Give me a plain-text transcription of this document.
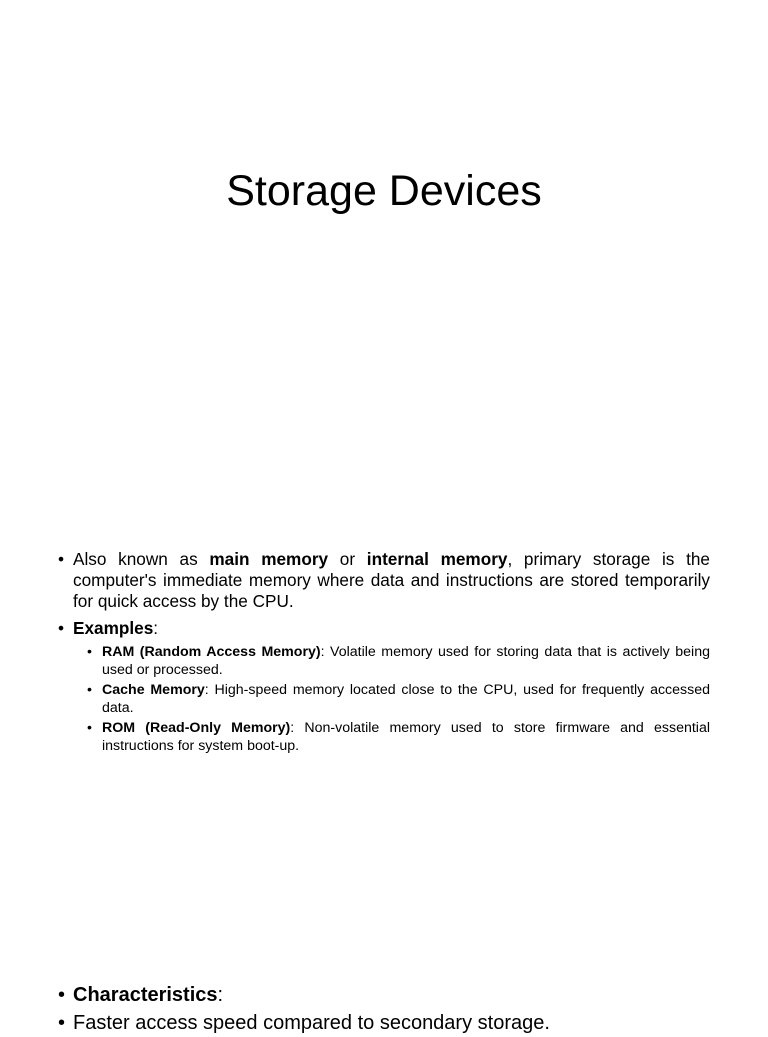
Storage Devices

• Also known as main memory or internal memory, primary storage is the computer's immediate memory where data and instructions are stored temporarily for quick access by the CPU.

• Examples:

• RAM (Random Access Memory): Volatile memory used for storing data that is actively being used or processed.

• Cache Memory: High-speed memory located close to the CPU, used for frequently accessed data.

• ROM (Read-Only Memory): Non-volatile memory used to store firmware and essential instructions for system boot-up.

• Characteristics:

• Faster access speed compared to secondary storage.
